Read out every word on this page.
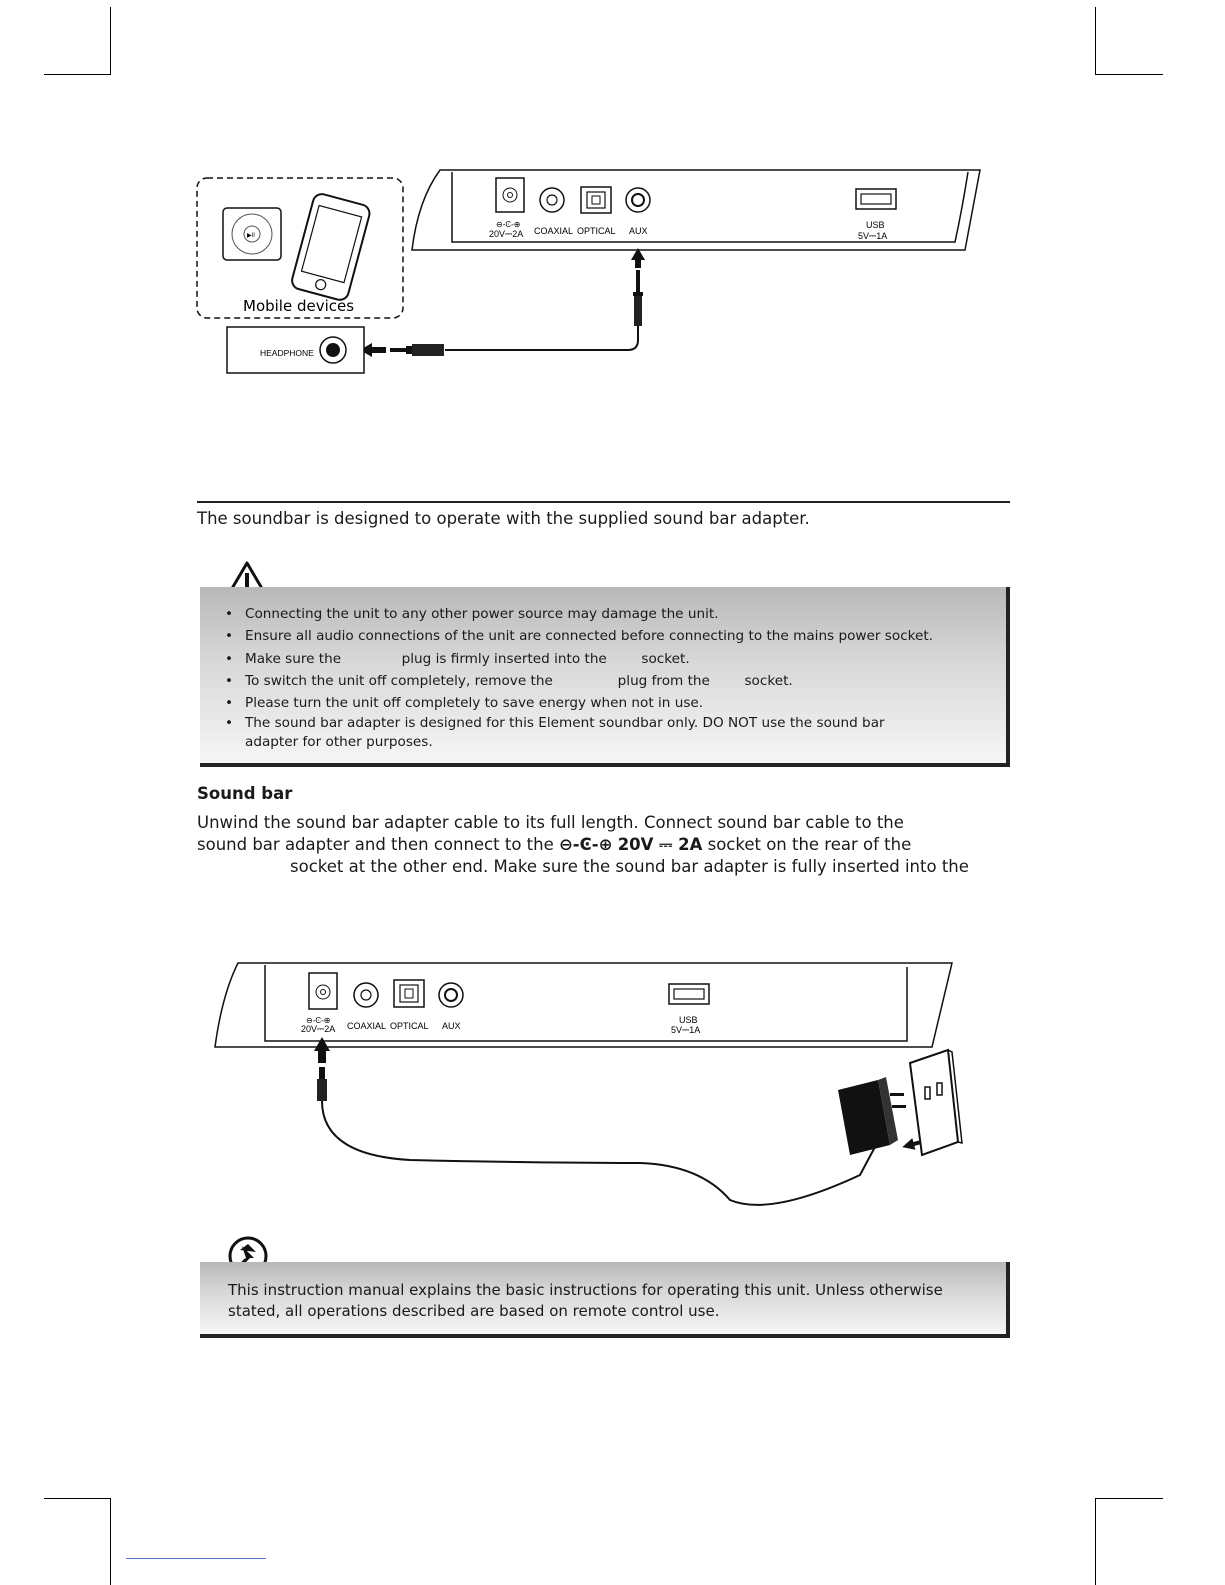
⊖-Ͼ-⊕
20V⎓2A COAXIAL OPTICAL AUX
USB
5V⎓1A
▶II
Mobile devices
HEADPHONE
The soundbar is designed to operate with the supplied sound bar adapter.
• Connecting the unit to any other power source may damage the unit.
• Ensure all audio connections of the unit are connected before connecting to the mains power socket.
• Make sure the              plug is firmly inserted into the        socket.
• To switch the unit off completely, remove the               plug from the        socket.
• Please turn the unit off completely to save energy when not in use.
• The sound bar adapter is designed for this Element soundbar only. DO NOT use the sound bar adapter for other purposes.
Sound bar
Unwind the sound bar adapter cable to its full length. Connect sound bar cable to the
sound bar adapter and then connect to the ⊖-Ͼ-⊕ 20V ⎓ 2A socket on the rear of the
socket at the other end. Make sure the sound bar adapter is fully inserted into the
⊖-Ͼ-⊕
20V⎓2A COAXIAL OPTICAL AUX
USB
5V⎓1A
This instruction manual explains the basic instructions for operating this unit. Unless otherwise stated, all operations described are based on remote control use.
